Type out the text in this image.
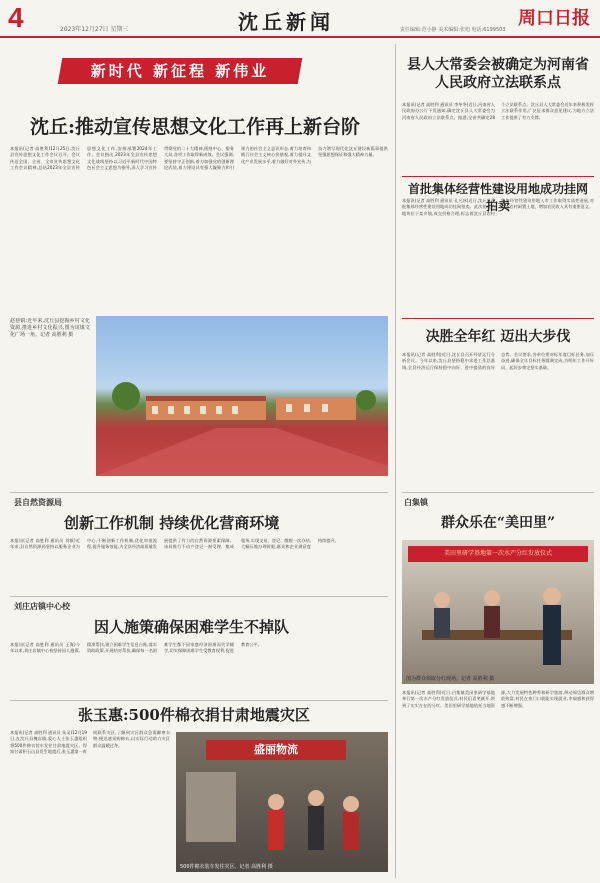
4	2023年12月27日 星期三	沈丘新闻	责任编辑:范小静 美术编辑:张旭 电话:6199503
周口日报
新时代 新征程 新伟业
沈丘:推动宣传思想文化工作再上新台阶
本报讯(记者 高胜利)12月25日,沈丘县宣传思想文化工作会议召开。会议传达全国、全省、全市宣传思想文化工作会议精神,总结2023年全县宣传思想文化工作,安排部署2024年工作。会议指出,2023年全县宣传思想文化战线坚持以习近平新时代中国特色社会主义思想为指导,深入学习宣传贯彻党的二十大精神,围绕中心、服务大局,各项工作取得新成效。会议强调,要坚持守正创新,着力加强党的创新理论武装,着力建设具有强大凝聚力和引领力的社会主义意识形态,着力培育和践行社会主义核心价值观,着力提升文化产业发展水平,着力做好对外宣传,为奋力谱写现代化沈丘建设新篇章提供坚强思想保证和强大精神力量。
赵巷镇:近年来,沈丘县挖掘乡村文化资源,推进乡村文化振兴,图为该镇文化广场一角。记者 高胜利 摄
县自然资源局
创新工作机制 持续优化营商环境
本报讯(记者 高胜利 通讯员 刘敏)近年来,县自然资源局坚持以服务企业为中心,不断创新工作机制,优化审批流程,提升服务效能,为全县经济高质量发展提供了有力的自然资源要素保障。该局推行不动产登记一窗受理、集成服务,实现交易、登记、缴税一次办结,大幅压缩办理时限,群众和企业满意度持续提升。
刘庄店镇中心校
因人施策确保困难学生不掉队
本报讯(记者 高胜利 通讯员 王海)今年以来,刘庄店镇中心校坚持因人施策,精准帮扶,建立困难学生信息台账,落实资助政策,开展结对帮扶,确保每一名困难学生都不因家庭经济困难而失学辍学,切实保障困难学生受教育权利,促进教育公平。
张玉惠:500件棉衣捐甘肃地震灾区
本报讯(记者 高胜利 通讯员 朱灵)12月19日,在沈丘县槐店镇,爱心人士张玉惠组织将500件棉衣装车发往甘肃地震灾区。得知甘肃积石山县发生地震后,张玉惠第一时间联系灾区,了解到灾区群众急需御寒衣物,便迅速采购棉衣,以实际行动助力灾区群众温暖过冬。	盛丽物流
500件棉衣装车发往灾区。记者 高胜利 摄
县人大常委会被确定为河南省人民政府立法联系点
本报讯(记者 高胜利 通讯员 李冬冬)近日,河南省人民政府办公厅下发通知,确定沈丘县人大常委会为河南省人民政府立法联系点。据悉,全省共确定28个立法联系点。沈丘县人大常委会近年来积极发挥立法联系作用,广泛征求群众意见建议,为地方立法工作提供了有力支撑。
首批集体经营性建设用地成功挂网拍卖
本报讯(记者 高胜利 通讯员 孔凡冰)近日,沈丘县首批集体经营性建设用地成功挂网拍卖。此次拍卖的地块位于某乡镇,成交价格合理,标志着沈丘县农村集体经营性建设用地入市工作取得实质性进展,对盘活农村闲置土地、增加农民收入具有重要意义。
决胜全年红 迈出大步伐
本报讯(记者 高胜利)近日,沈丘县召开经济运行分析会议。今年以来,沈丘县坚持稳中求进工作总基调,全县经济运行保持稳中向好、进中提质的良好态势。会议要求,各单位要对标年度目标任务,加压奋进,确保全年目标任务圆满完成,为明年工作开好局、起好步奠定坚实基础。
白集镇
群众乐在“美田里”
美田里研学基地第一次水产分红发放仪式
图为群众领取分红现场。记者 高胜利 摄
本报讯(记者 高胜利)近日,白集镇美田里研学基地举行第一次水产分红发放仪式,村民们喜笑颜开,领到了实实在在的分红。美田里研学基地依托当地资源,大力发展特色种养和研学旅游,带动周边群众增收致富,村民在家门口就能实现就业,幸福感和获得感不断增强。
